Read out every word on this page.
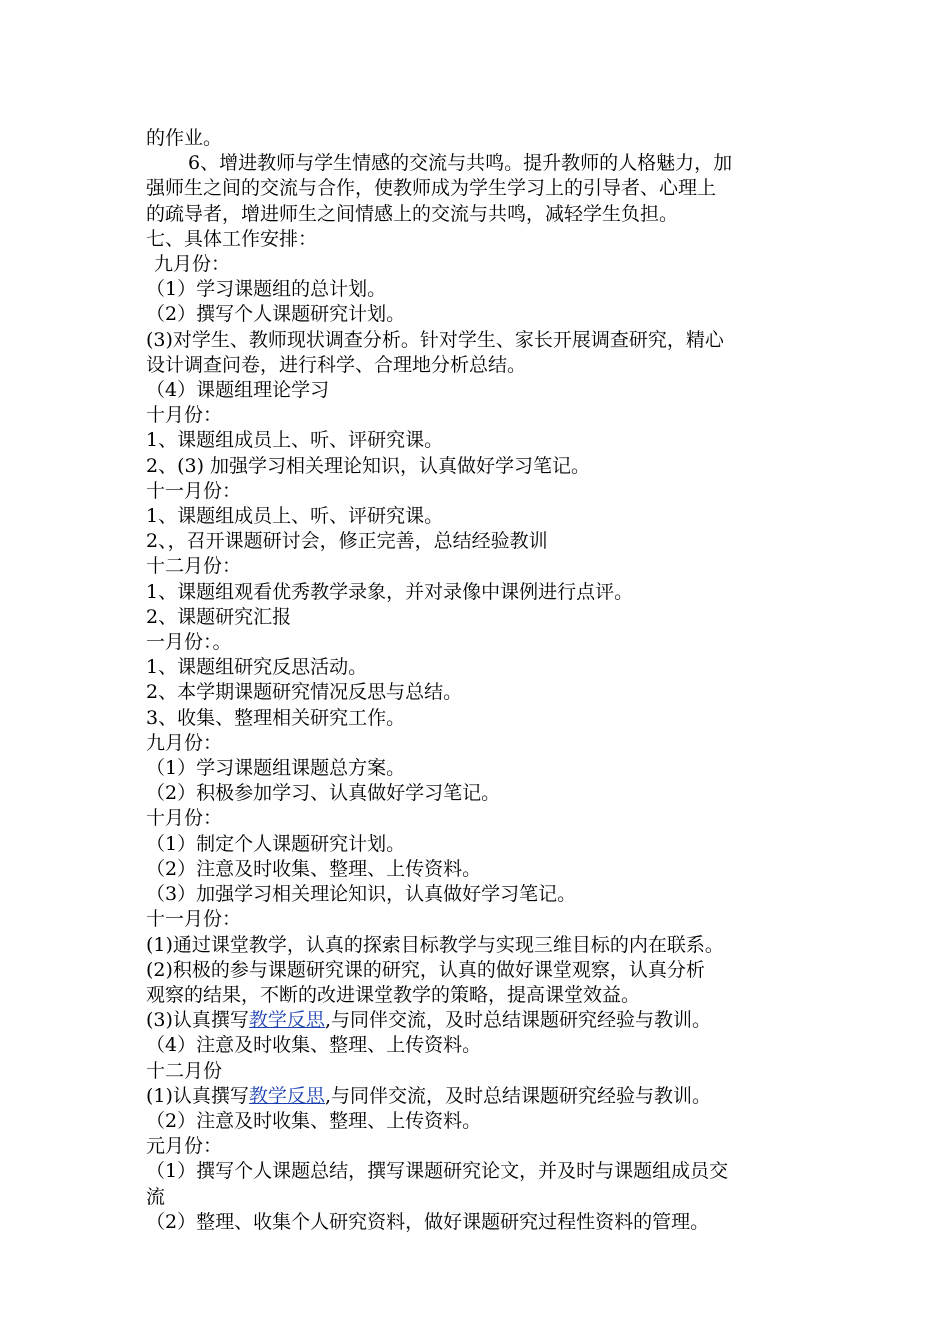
的作业。
6、增进教师与学生情感的交流与共鸣。提升教师的人格魅力，加
强师生之间的交流与合作，使教师成为学生学习上的引导者、心理上
的疏导者，增进师生之间情感上的交流与共鸣，减轻学生负担。
七、具体工作安排：
九月份：
（1）学习课题组的总计划。
（2）撰写个人课题研究计划。
(3)对学生、教师现状调查分析。针对学生、家长开展调查研究，精心
设计调查问卷，进行科学、合理地分析总结。
（4）课题组理论学习
十月份：
1、课题组成员上、听、评研究课。
2、(3) 加强学习相关理论知识，认真做好学习笔记。
十一月份：
1、课题组成员上、听、评研究课。
2、，召开课题研讨会，修正完善，总结经验教训
十二月份：
1、课题组观看优秀教学录象，并对录像中课例进行点评。
2、课题研究汇报
一月份：。
1、课题组研究反思活动。
2、本学期课题研究情况反思与总结。
3、收集、整理相关研究工作。
九月份：
（1）学习课题组课题总方案。
（2）积极参加学习、认真做好学习笔记。
十月份：
（1）制定个人课题研究计划。
（2）注意及时收集、整理、上传资料。
（3）加强学习相关理论知识，认真做好学习笔记。
十一月份：
(1)通过课堂教学，认真的探索目标教学与实现三维目标的内在联系。
(2)积极的参与课题研究课的研究，认真的做好课堂观察，认真分析
观察的结果，不断的改进课堂教学的策略，提高课堂效益。
(3)认真撰写教学反思,与同伴交流，及时总结课题研究经验与教训。
（4）注意及时收集、整理、上传资料。
十二月份
(1)认真撰写教学反思,与同伴交流，及时总结课题研究经验与教训。
（2）注意及时收集、整理、上传资料。
元月份：
（1）撰写个人课题总结，撰写课题研究论文，并及时与课题组成员交
流
（2）整理、收集个人研究资料，做好课题研究过程性资料的管理。
